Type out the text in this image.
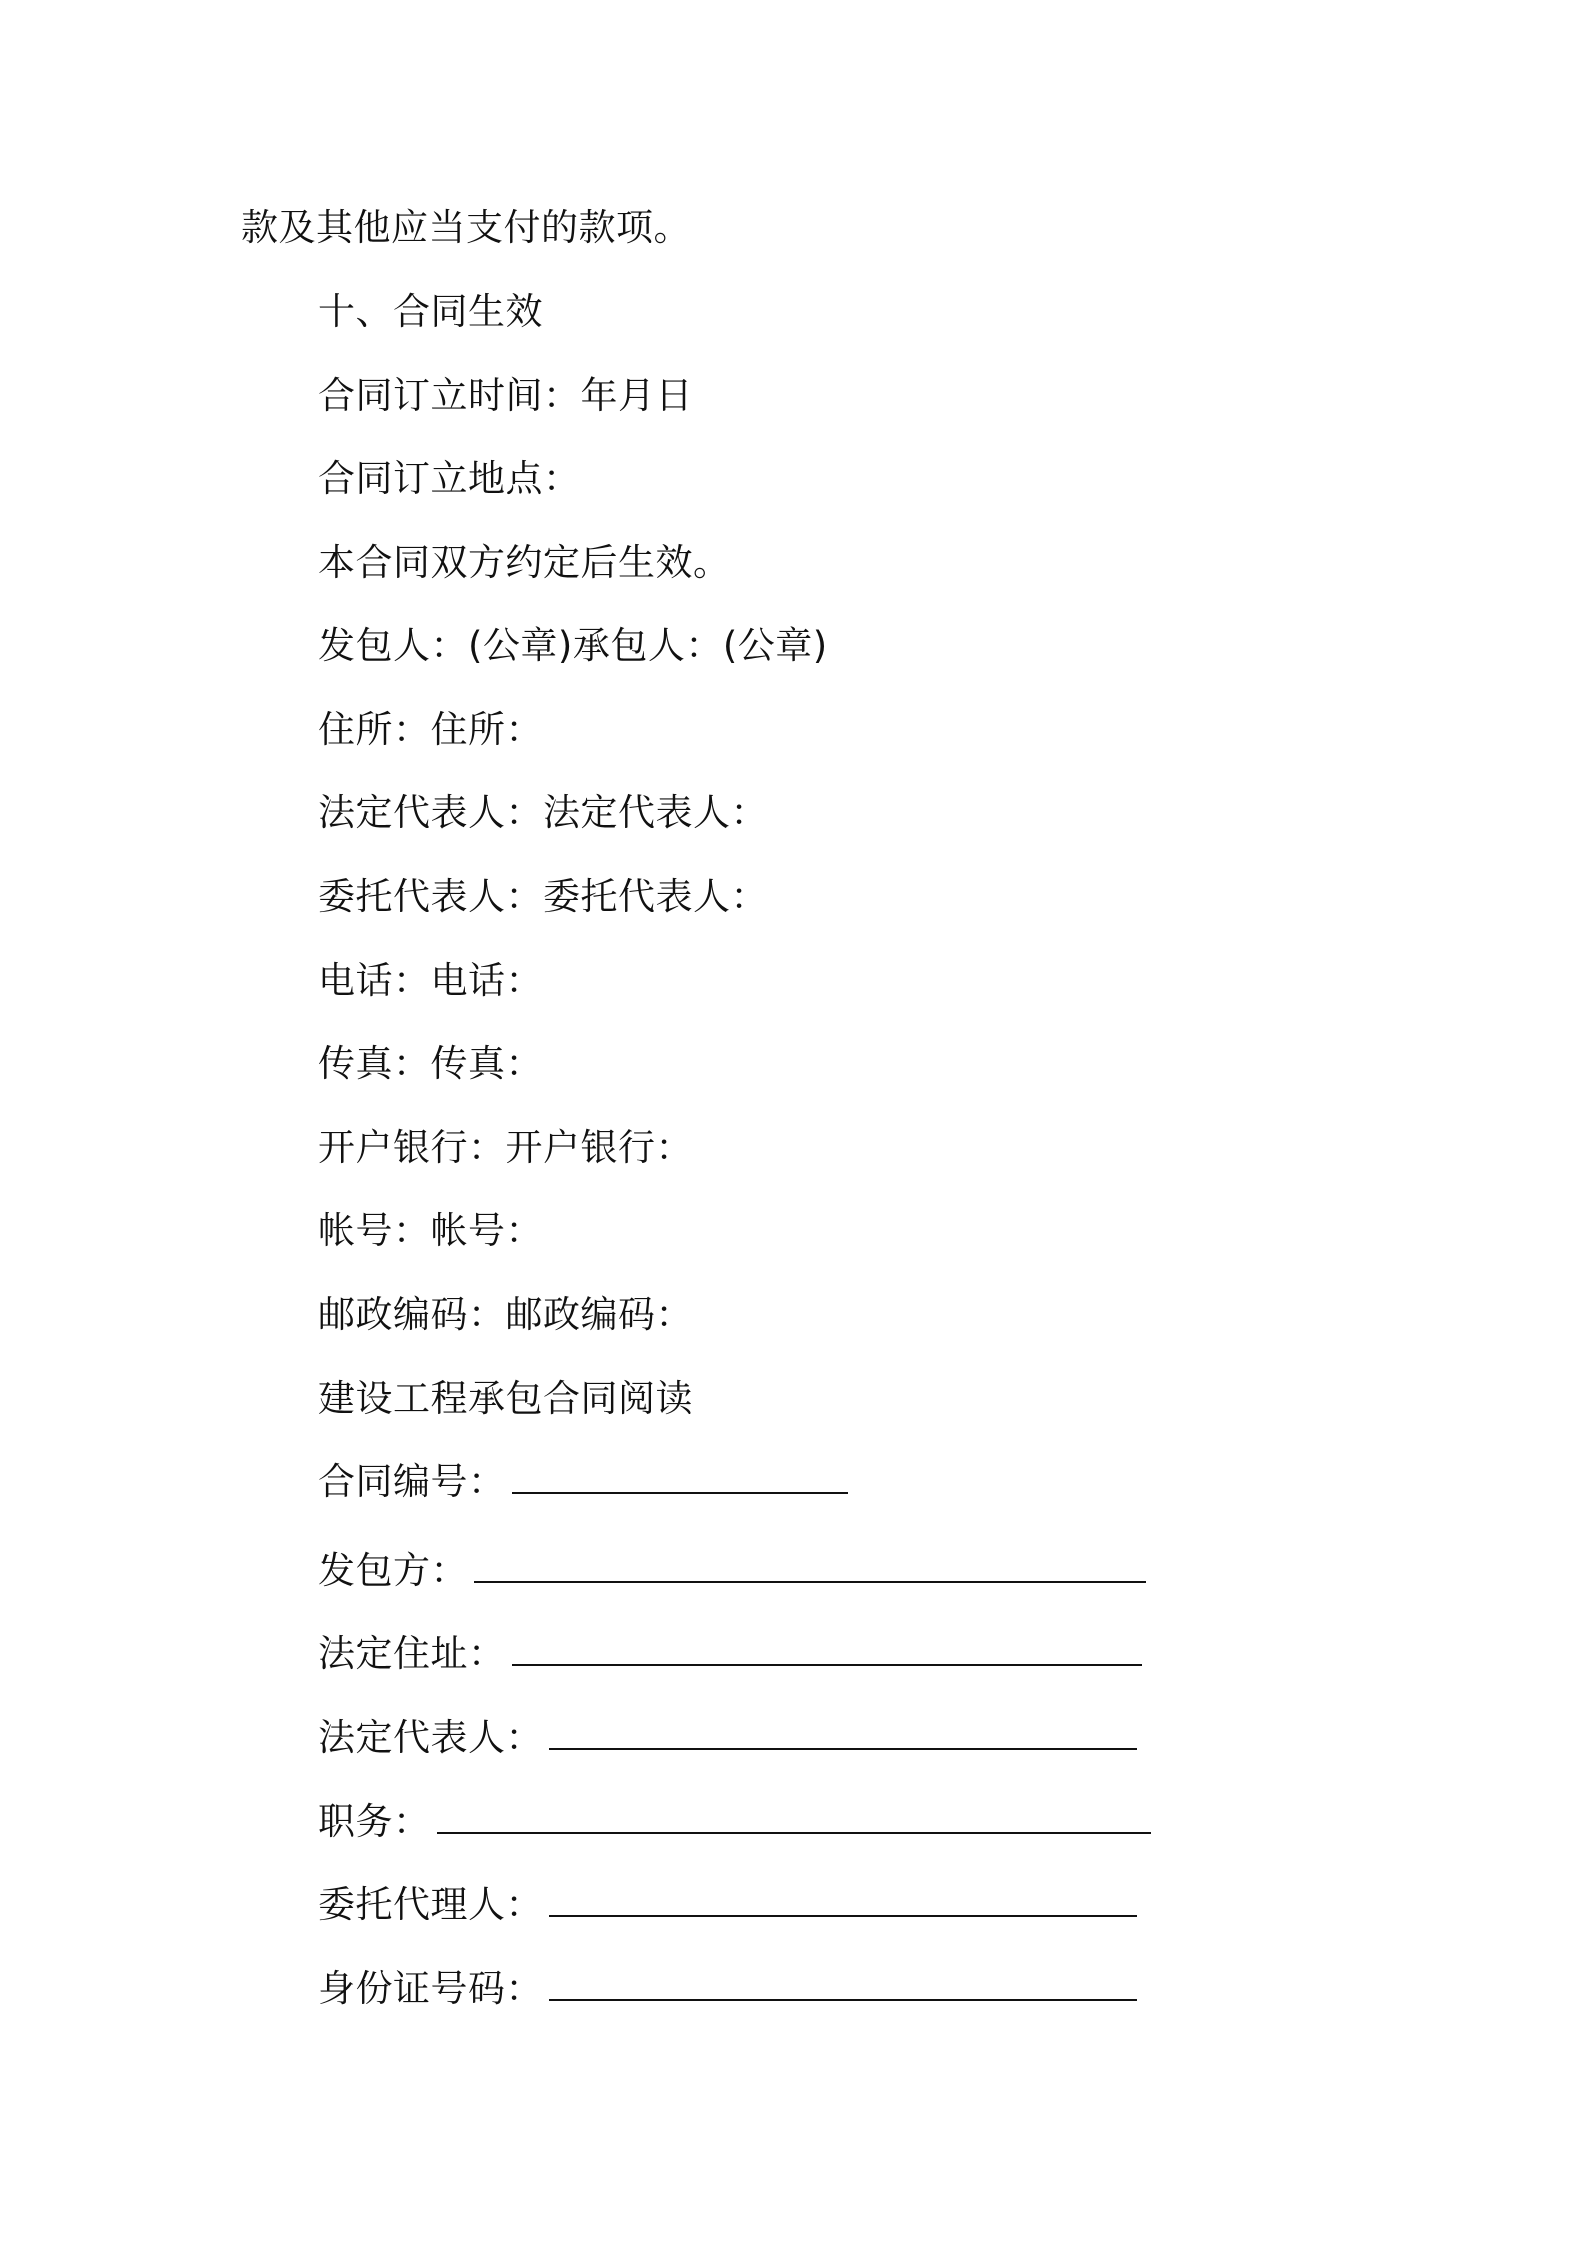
款及其他应当支付的款项。
十、合同生效
合同订立时间：年月日
合同订立地点：
本合同双方约定后生效。
发包人：(公章)承包人：(公章)
住所：住所：
法定代表人：法定代表人：
委托代表人：委托代表人：
电话：电话：
传真：传真：
开户银行：开户银行：
帐号：帐号：
邮政编码：邮政编码：
建设工程承包合同阅读
合同编号：
发包方：
法定住址：
法定代表人：
职务：
委托代理人：
身份证号码：
